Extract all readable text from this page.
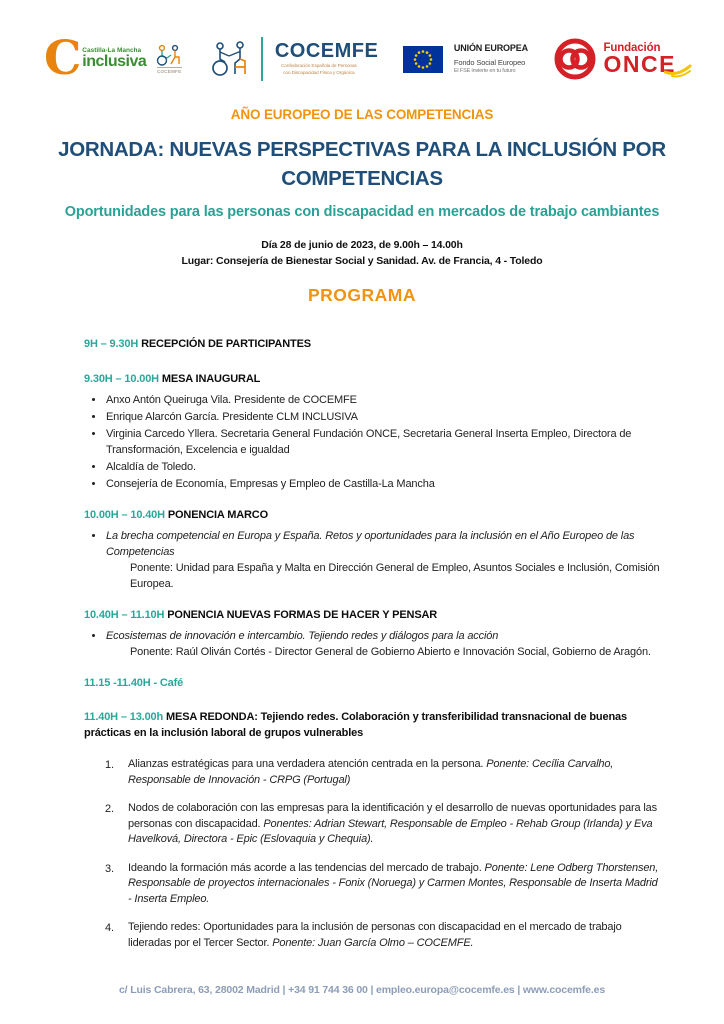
C Castilla-La Mancha
inclusiva
COCEMFE
COCEMFE
Confederación Española de Personas
con Discapacidad Física y Orgánica
UNIÓN EUROPEA
Fondo Social Europeo
El FSE invierte en tu futuro
Fundación
ONCE

AÑO EUROPEO DE LAS COMPETENCIAS

JORNADA: NUEVAS PERSPECTIVAS PARA LA INCLUSIÓN POR COMPETENCIAS
Oportunidades para las personas con discapacidad en mercados de trabajo cambiantes

Día 28 de junio de 2023, de 9.00h – 14.00h

Lugar: Consejería de Bienestar Social y Sanidad. Av. de Francia, 4 - Toledo

PROGRAMA

9H – 9.30H RECEPCIÓN DE PARTICIPANTES

9.30H – 10.00H MESA INAUGURAL

• Anxo Antón Queiruga Vila. Presidente de COCEMFE
• Enrique Alarcón García. Presidente CLM INCLUSIVA
• Virginia Carcedo Yllera. Secretaria General Fundación ONCE, Secretaria General Inserta Empleo, Directora de Transformación, Excelencia e igualdad
• Alcaldía de Toledo.
• Consejería de Economía, Empresas y Empleo de Castilla-La Mancha

10.00H – 10.40H PONENCIA MARCO

• La brecha competencial en Europa y España. Retos y oportunidades para la inclusión en el Año Europeo de las Competencias
Ponente: Unidad para España y Malta en Dirección General de Empleo, Asuntos Sociales e Inclusión, Comisión Europea.

10.40H – 11.10H PONENCIA NUEVAS FORMAS DE HACER Y PENSAR

• Ecosistemas de innovación e intercambio. Tejiendo redes y diálogos para la acción
Ponente: Raúl Oliván Cortés - Director General de Gobierno Abierto e Innovación Social, Gobierno de Aragón.

11.15 -11.40H - Café

11.40H – 13.00h MESA REDONDA: Tejiendo redes. Colaboración y transferibilidad transnacional de buenas prácticas en la inclusión laboral de grupos vulnerables

1.	Alianzas estratégicas para una verdadera atención centrada en la persona. Ponente: Cecília Carvalho, Responsable de Innovación - CRPG (Portugal)
2.	Nodos de colaboración con las empresas para la identificación y el desarrollo de nuevas oportunidades para las personas con discapacidad. Ponentes: Adrian Stewart, Responsable de Empleo - Rehab Group (Irlanda) y Eva Havelková, Directora - Epic (Eslovaquia y Chequia).
3.	Ideando la formación más acorde a las tendencias del mercado de trabajo. Ponente: Lene Odberg Thorstensen, Responsable de proyectos internacionales - Fonix (Noruega) y Carmen Montes, Responsable de Inserta Madrid - Inserta Empleo.
4.	Tejiendo redes: Oportunidades para la inclusión de personas con discapacidad en el mercado de trabajo lideradas por el Tercer Sector. Ponente: Juan García Olmo – COCEMFE.
c/ Luis Cabrera, 63, 28002 Madrid | +34 91 744 36 00 | empleo.europa@cocemfe.es | www.cocemfe.es
